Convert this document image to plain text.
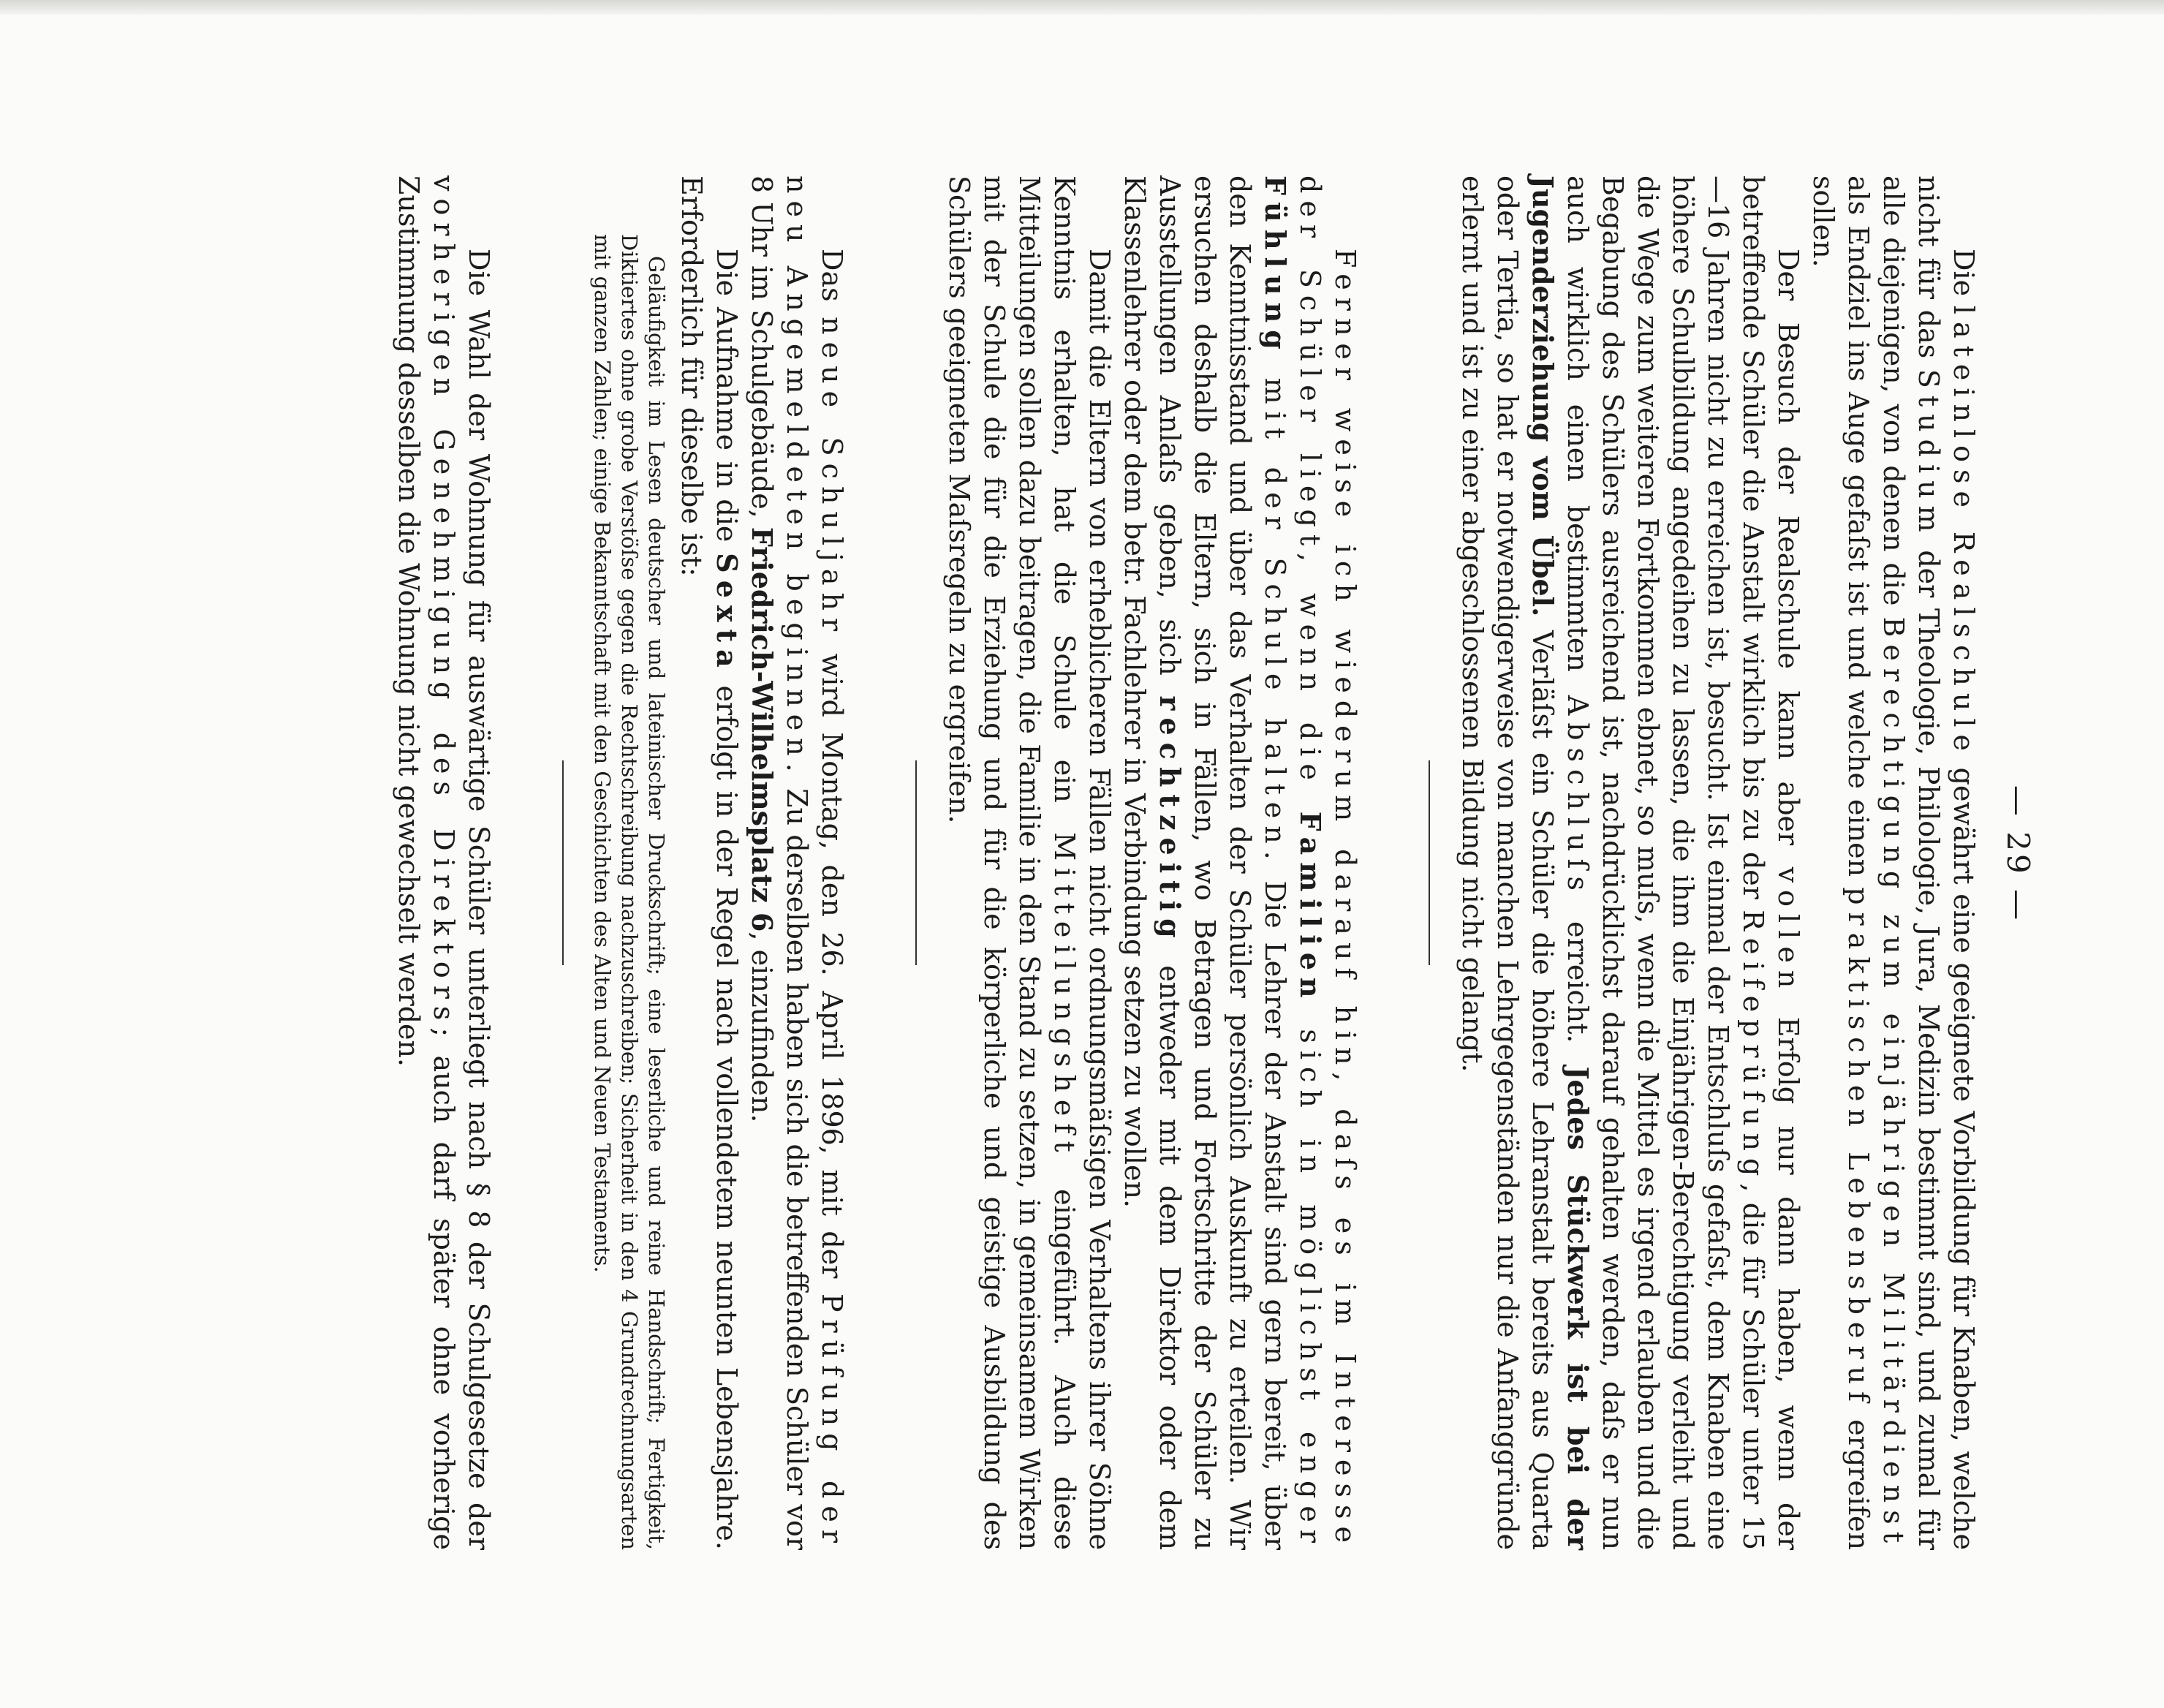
— 29 —

Die lateinlose Realschule gewährt eine geeignete Vorbildung für Knaben, welche nicht für das Studium der Theologie, Philologie, Jura, Medizin bestimmt sind, und zumal für alle diejenigen, von denen die Berechtigung zum einjährigen Militärdienst als Endziel ins Auge gefaſst ist und welche einen praktischen Lebensberuf ergreifen sollen.

Der Besuch der Realschule kann aber vollen Erfolg nur dann haben, wenn der betreffende Schüler die Anstalt wirklich bis zu der Reifeprüfung, die für Schüler unter 15—16 Jahren nicht zu erreichen ist, besucht. Ist einmal der Entschluſs gefaſst, dem Knaben eine höhere Schulbildung angedeihen zu lassen, die ihm die Einjährigen-Berechtigung verleiht und die Wege zum weiteren Fortkommen ebnet, so muſs, wenn die Mittel es irgend erlauben und die Begabung des Schülers ausreichend ist, nachdrücklichst darauf gehalten werden, daſs er nun auch wirklich einen bestimmten Abschluſs erreicht. Jedes Stückwerk ist bei der Jugenderziehung vom Übel. Verläſst ein Schüler die höhere Lehranstalt bereits aus Quarta oder Tertia, so hat er notwendigerweise von manchen Lehrgegenständen nur die Anfanggründe erlernt und ist zu einer abgeschlossenen Bildung nicht gelangt.

Ferner weise ich wiederum darauf hin, daſs es im Interesse der Schüler liegt, wenn die Familien sich in möglichst enger Fühlung mit der Schule halten. Die Lehrer der Anstalt sind gern bereit, über den Kenntnisstand und über das Verhalten der Schüler persönlich Auskunft zu erteilen. Wir ersuchen deshalb die Eltern, sich in Fällen, wo Betragen und Fortschritte der Schüler zu Ausstellungen Anlaſs geben, sich rechtzeitig entweder mit dem Direktor oder dem Klassenlehrer oder dem betr. Fachlehrer in Verbindung setzen zu wollen.

Damit die Eltern von erheblicheren Fällen nicht ordnungsmäſsigen Verhaltens ihrer Söhne Kenntnis erhalten, hat die Schule ein Mitteilungsheft eingeführt. Auch diese Mitteilungen sollen dazu beitragen, die Familie in den Stand zu setzen, in gemeinsamem Wirken mit der Schule die für die Erziehung und für die körperliche und geistige Ausbildung des Schülers geeigneten Maſsregeln zu ergreifen.

Das neue Schuljahr wird Montag, den 26. April 1896, mit der Prüfung der neu Angemeldeten beginnen. Zu derselben haben sich die betreffenden Schüler vor 8 Uhr im Schulgebäude, Friedrich-Wilhelmsplatz 6, einzufinden.

Die Aufnahme in die Sexta erfolgt in der Regel nach vollendetem neunten Lebensjahre. Erforderlich für dieselbe ist:

Geläufigkeit im Lesen deutscher und lateinischer Druckschrift; eine leserliche und reine Handschrift; Fertigkeit, Diktiertes ohne grobe Verstöſse gegen die Rechtschreibung nachzuschreiben; Sicherheit in den 4 Grundrechnungsarten mit ganzen Zahlen; einige Bekanntschaft mit den Geschichten des Alten und Neuen Testaments.

Die Wahl der Wohnung für auswärtige Schüler unterliegt nach § 8 der Schulgesetze der vorherigen Genehmigung des Direktors; auch darf später ohne vorherige Zustimmung desselben die Wohnung nicht gewechselt werden.
